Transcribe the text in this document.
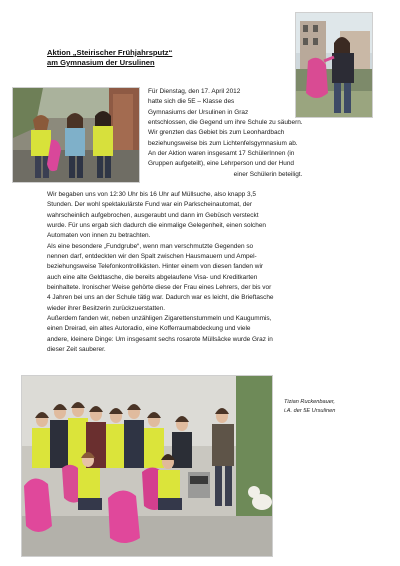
Aktion „Steirischer Frühjahrsputz“
am Gymnasium der Ursulinen
Für Dienstag, den 17. April 2012
hatte sich die 5E – Klasse des
Gymnasiums der Ursulinen in Graz
entschlossen, die Gegend um ihre Schule zu säubern.
Wir grenzten das Gebiet bis zum Leonhardbach
beziehungsweise bis zum Lichtenfelsgymnasium ab.
An der Aktion waren insgesamt 17 SchülerInnen (in
Gruppen aufgeteilt), eine Lehrperson und der Hund
einer Schülerin beteiligt.
Wir begaben uns von 12:30 Uhr bis 16 Uhr auf Müllsuche, also knapp 3,5
Stunden. Der wohl spektakulärste Fund war ein Parkscheinautomat, der
wahrscheinlich aufgebrochen, ausgeraubt und dann im Gebüsch versteckt
wurde. Für uns ergab sich dadurch die einmalige Gelegenheit, einen solchen
Automaten von innen zu betrachten.
Als eine besondere „Fundgrube“, wenn man verschmutzte Gegenden so
nennen darf, entdeckten wir den Spalt zwischen Hausmauern und Ampel-
beziehungsweise Telefonkontrollkästen. Hinter einem von diesen fanden wir
auch eine alte Geldtasche, die bereits abgelaufene Visa- und Kreditkarten
beinhaltete. Ironischer Weise gehörte diese der Frau eines Lehrers, der bis vor
4 Jahren bei uns an der Schule tätig war. Dadurch war es leicht, die Brieftasche
wieder ihrer Besitzerin zurückzuerstatten.
Außerdem fanden wir, neben unzähligen Zigarettenstummeln und Kaugummis,
einen Dreirad, ein altes Autoradio, eine Kofferraumabdeckung und viele
andere, kleinere Dinge: Um insgesamt sechs rosarote Müllsäcke wurde Graz in
dieser Zeit sauberer.
Tizian Ruckenbauer,
i.A. der 5E Ursulinen
